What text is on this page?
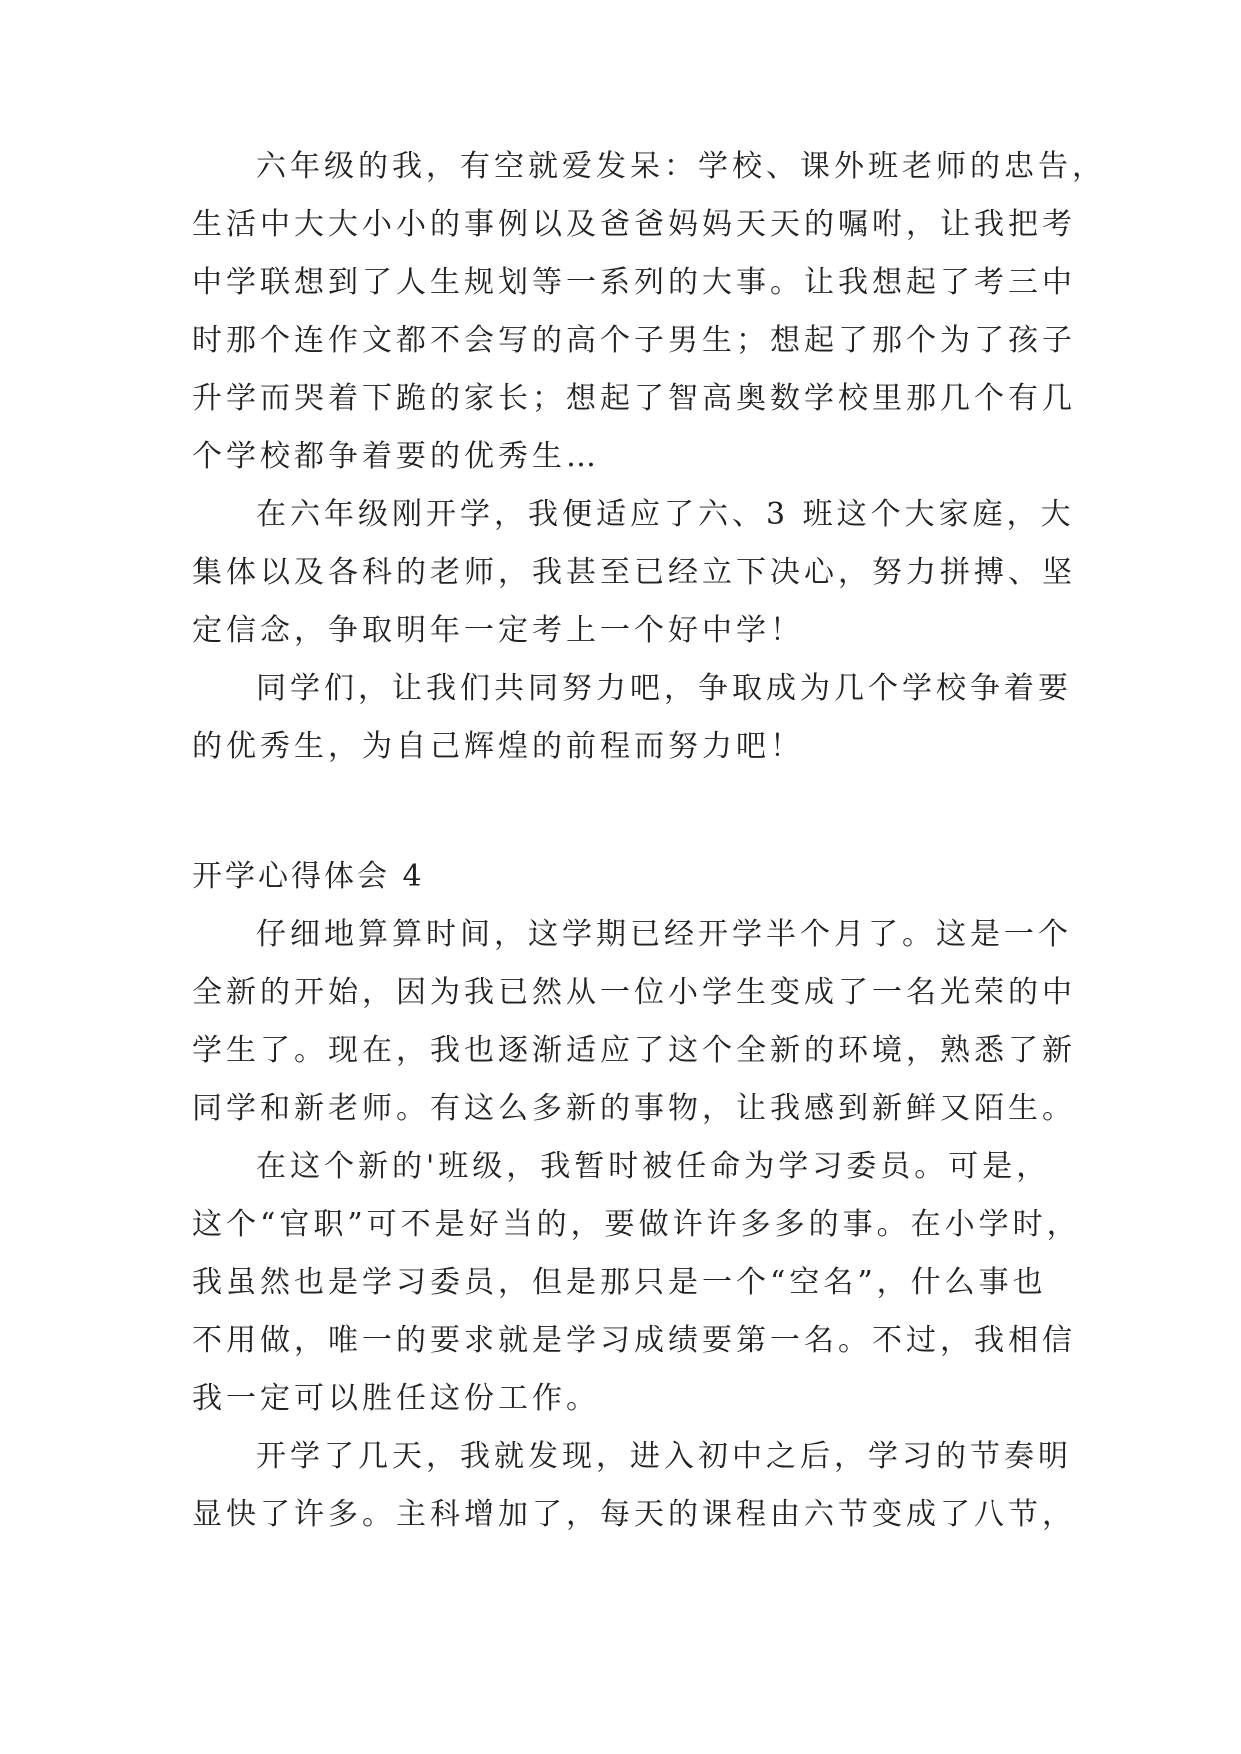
六年级的我，有空就爱发呆：学校、课外班老师的忠告，
生活中大大小小的事例以及爸爸妈妈天天的嘱咐，让我把考
中学联想到了人生规划等一系列的大事。让我想起了考三中
时那个连作文都不会写的高个子男生；想起了那个为了孩子
升学而哭着下跪的家长；想起了智高奥数学校里那几个有几
个学校都争着要的优秀生…
在六年级刚开学，我便适应了六、3 班这个大家庭，大
集体以及各科的老师，我甚至已经立下决心，努力拼搏、坚
定信念，争取明年一定考上一个好中学！
同学们，让我们共同努力吧，争取成为几个学校争着要
的优秀生，为自己辉煌的前程而努力吧！
开学心得体会 4
仔细地算算时间，这学期已经开学半个月了。这是一个
全新的开始，因为我已然从一位小学生变成了一名光荣的中
学生了。现在，我也逐渐适应了这个全新的环境，熟悉了新
同学和新老师。有这么多新的事物，让我感到新鲜又陌生。
在这个新的'班级，我暂时被任命为学习委员。可是，
这个“官职”可不是好当的，要做许许多多的事。在小学时，
我虽然也是学习委员，但是那只是一个“空名”，什么事也
不用做，唯一的要求就是学习成绩要第一名。不过，我相信
我一定可以胜任这份工作。
开学了几天，我就发现，进入初中之后，学习的节奏明
显快了许多。主科增加了，每天的课程由六节变成了八节，
